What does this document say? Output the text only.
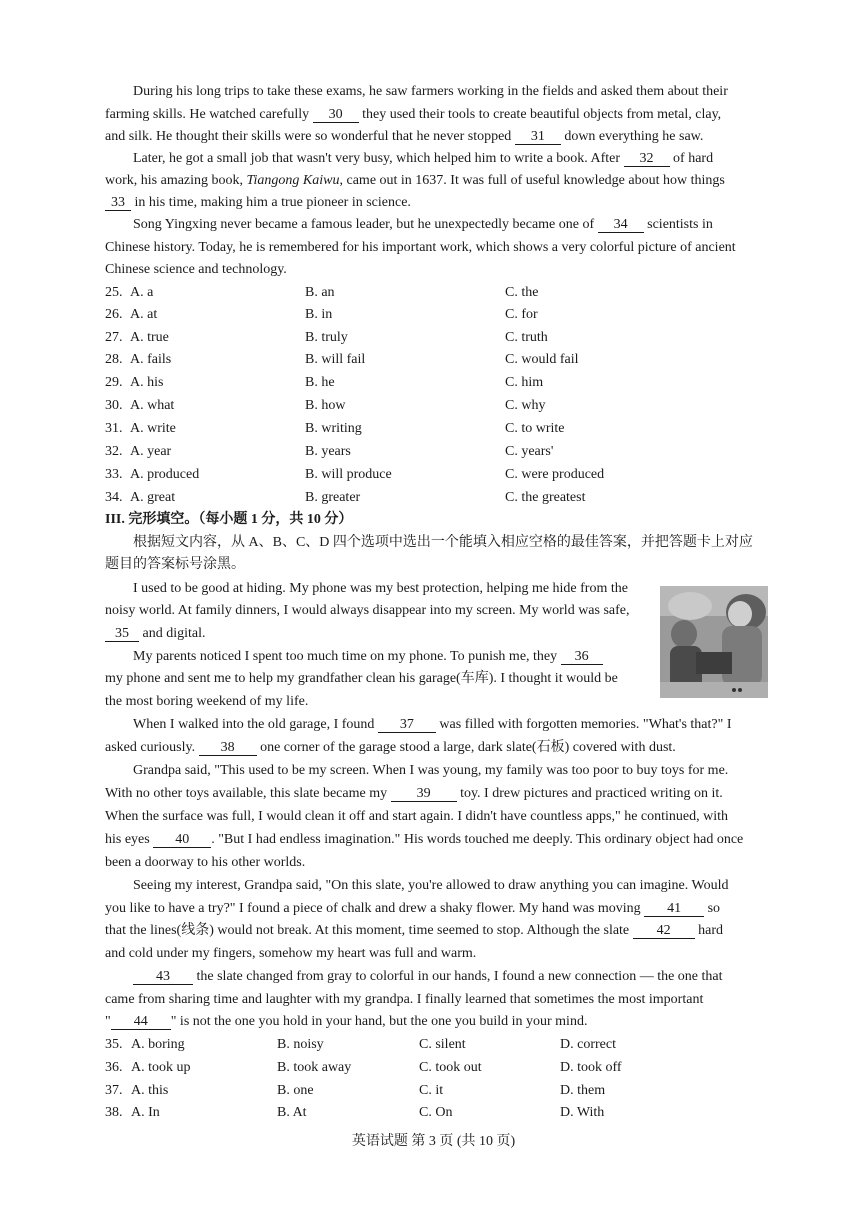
During his long trips to take these exams, he saw farmers working in the fields and asked them about their
farming skills. He watched carefully 30 they used their tools to create beautiful objects from metal, clay,
and silk. He thought their skills were so wonderful that he never stopped 31 down everything he saw.
Later, he got a small job that wasn't very busy, which helped him to write a book. After 32 of hard
work, his amazing book, Tiangong Kaiwu, came out in 1637. It was full of useful knowledge about how things
33 in his time, making him a true pioneer in science.
Song Yingxing never became a famous leader, but he unexpectedly became one of 34 scientists in
Chinese history. Today, he is remembered for his important work, which shows a very colorful picture of ancient
Chinese science and technology.
25. A. a	B. an	C. the
26. A. at	B. in	C. for
27. A. true	B. truly	C. truth
28. A. fails	B. will fail	C. would fail
29. A. his	B. he	C. him
30. A. what	B. how	C. why
31. A. write	B. writing	C. to write
32. A. year	B. years	C. years'
33. A. produced	B. will produce	C. were produced
34. A. great	B. greater	C. the greatest
III. 完形填空。（每小题 1 分，共 10 分）
根据短文内容，从 A、B、C、D 四个选项中选出一个能填入相应空格的最佳答案，并把答题卡上对应
题目的答案标号涂黑。
I used to be good at hiding. My phone was my best protection, helping me hide from the
noisy world. At family dinners, I would always disappear into my screen. My world was safe,
35 and digital.
My parents noticed I spent too much time on my phone. To punish me, they 36
my phone and sent me to help my grandfather clean his garage(车库). I thought it would be
the most boring weekend of my life.
When I walked into the old garage, I found 37 was filled with forgotten memories. "What's that?" I
asked curiously. 38 one corner of the garage stood a large, dark slate(石板) covered with dust.
Grandpa said, "This used to be my screen. When I was young, my family was too poor to buy toys for me.
With no other toys available, this slate became my 39 toy. I drew pictures and practiced writing on it.
When the surface was full, I would clean it off and start again. I didn't have countless apps," he continued, with
his eyes 40 . "But I had endless imagination." His words touched me deeply. This ordinary object had once
been a doorway to his other worlds.
Seeing my interest, Grandpa said, "On this slate, you're allowed to draw anything you can imagine. Would
you like to have a try?" I found a piece of chalk and drew a shaky flower. My hand was moving 41 so
that the lines(线条) would not break. At this moment, time seemed to stop. Although the slate 42 hard
and cold under my fingers, somehow my heart was full and warm.
43 the slate changed from gray to colorful in our hands, I found a new connection — the one that
came from sharing time and laughter with my grandpa. I finally learned that sometimes the most important
" 44 " is not the one you hold in your hand, but the one you build in your mind.
35. A. boring	B. noisy	C. silent	D. correct
36. A. took up	B. took away	C. took out	D. took off
37. A. this	B. one	C. it	D. them
38. A. In	B. At	C. On	D. With
英语试题 第 3 页 (共 10 页)
